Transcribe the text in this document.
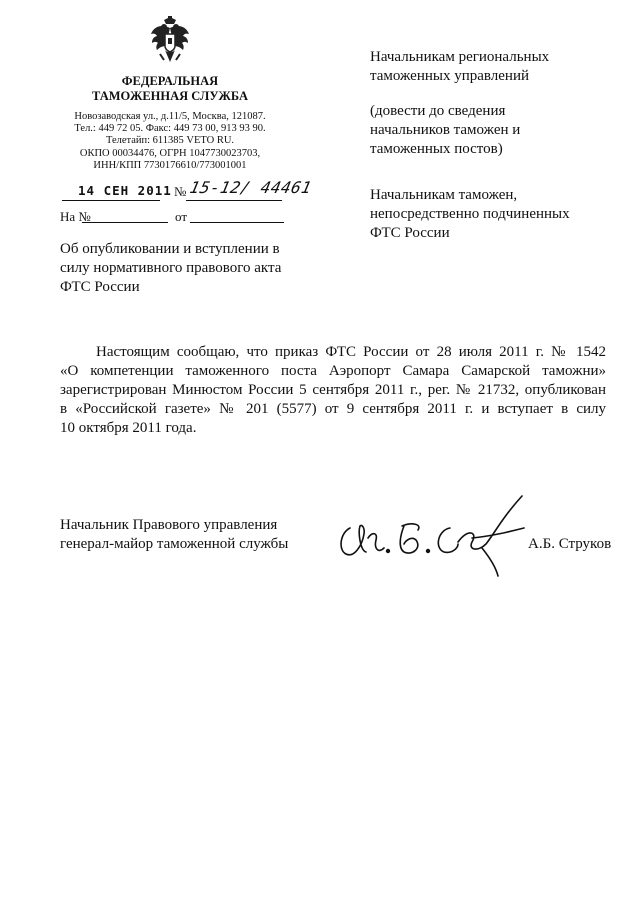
ФЕДЕРАЛЬНАЯ
ТАМОЖЕННАЯ СЛУЖБА
Новозаводская ул., д.11/5, Москва, 121087.
Тел.: 449 72 05. Факс: 449 73 00, 913 93 90.
Телетайп: 611385 VETO RU.
ОКПО 00034476, ОГРН 1047730023703,
ИНН/КПП 7730176610/773001001
14 СЕН 2011 № 15-12/ 44461
На №	от
Об опубликовании и вступлении в
силу нормативного правового акта
ФТС России
Начальникам региональных
таможенных управлений
(довести до сведения
начальников таможен и
таможенных постов)
Начальникам таможен,
непосредственно подчиненных
ФТС России
Настоящим сообщаю, что приказ ФТС России от 28 июля 2011 г. № 1542
«О компетенции таможенного поста Аэропорт Самара Самарской таможни»
зарегистрирован Минюстом России 5 сентября 2011 г., рег. № 21732, опубликован
в «Российской газете» № 201 (5577) от 9 сентября 2011 г. и вступает в силу
10 октября 2011 года.
Начальник Правового управления
генерал-майор таможенной службы	А.Б. Струков
